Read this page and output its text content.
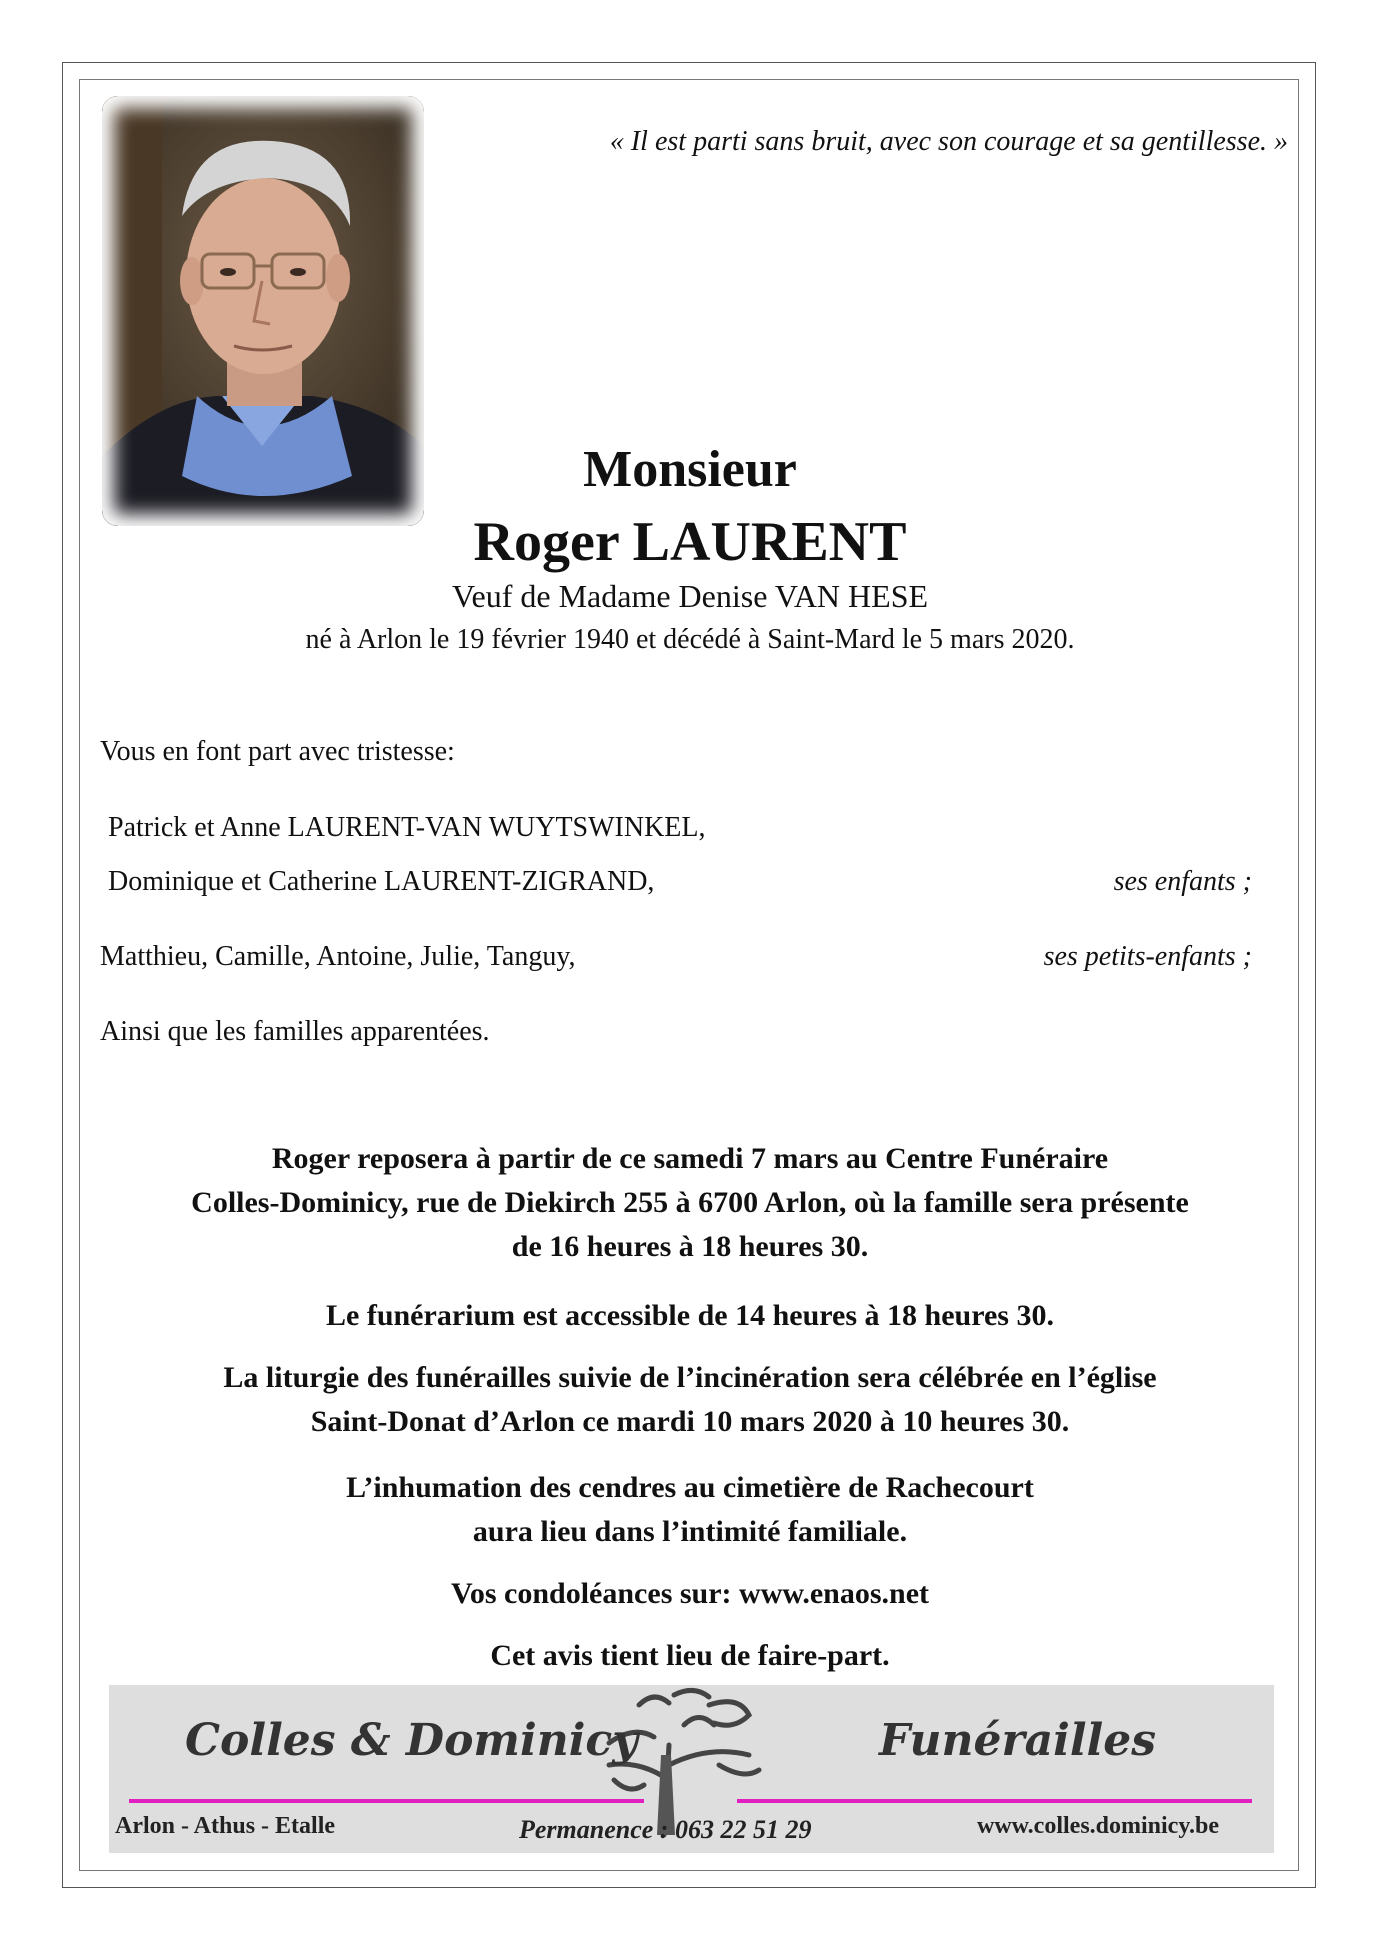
« Il est parti sans bruit, avec son courage et sa gentillesse. »
Monsieur
Roger LAURENT
Veuf de Madame Denise VAN HESE
né à Arlon le 19 février 1940 et décédé à Saint-Mard le 5 mars 2020.
Vous en font part avec tristesse:
Patrick et Anne LAURENT-VAN WUYTSWINKEL,
Dominique et Catherine LAURENT-ZIGRAND,	ses enfants ;
Matthieu, Camille, Antoine, Julie, Tanguy,	ses petits-enfants ;
Ainsi que les familles apparentées.
Roger reposera à partir de ce samedi 7 mars au Centre Funéraire
Colles-Dominicy, rue de Diekirch 255 à 6700 Arlon, où la famille sera présente
de 16 heures à 18 heures 30.
Le funérarium est accessible de 14 heures à 18 heures 30.
La liturgie des funérailles suivie de l’incinération sera célébrée en l’église
Saint-Donat d’Arlon ce mardi 10 mars 2020 à 10 heures 30.
L’inhumation des cendres au cimetière de Rachecourt
aura lieu dans l’intimité familiale.
Vos condoléances sur: www.enaos.net
Cet avis tient lieu de faire-part.
Colles & Dominicy	Funérailles
Arlon - Athus - Etalle	Permanence : 063 22 51 29	www.colles.dominicy.be
